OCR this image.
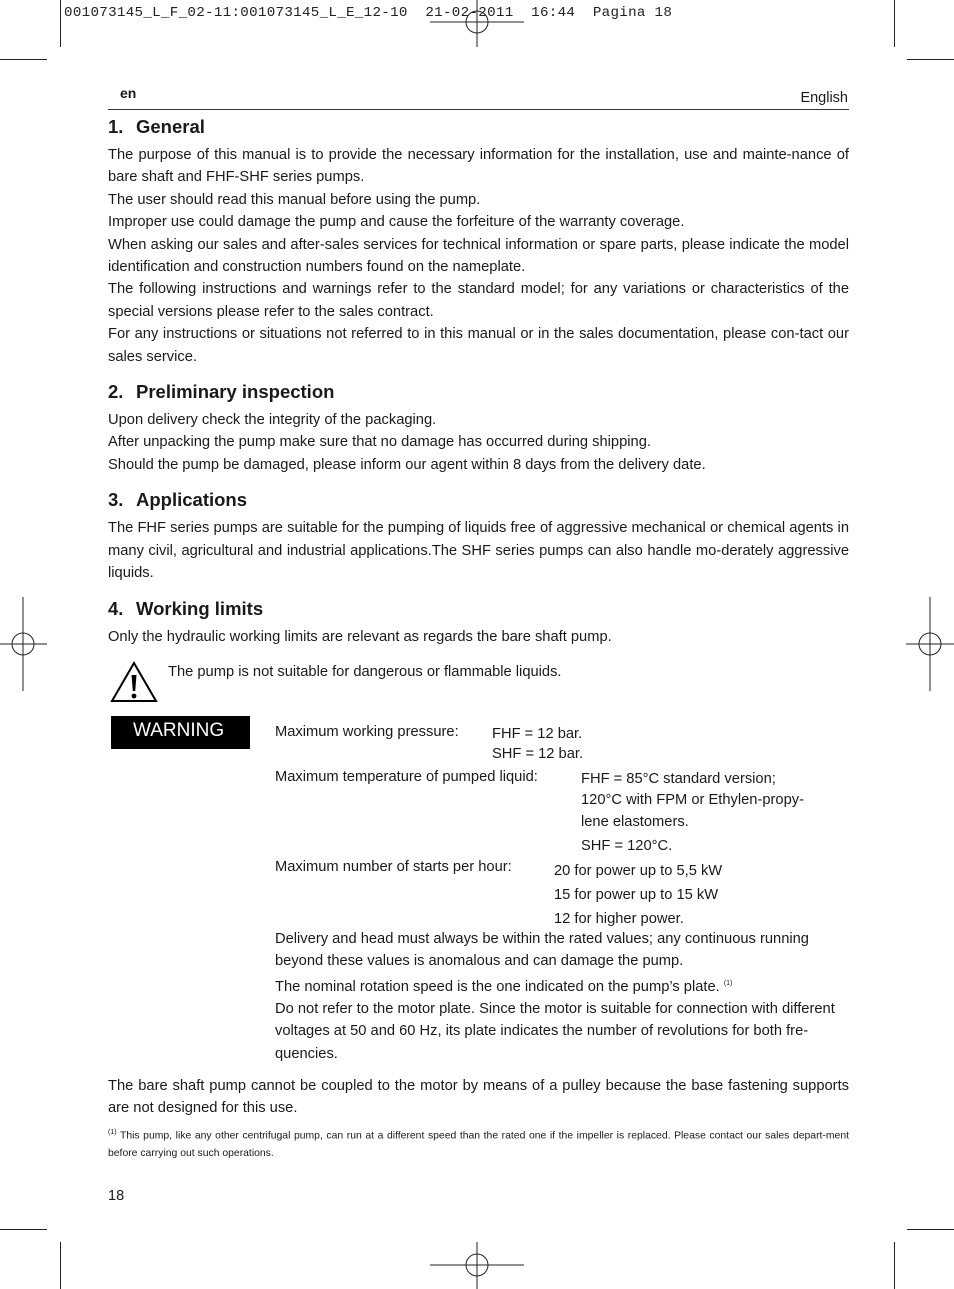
001073145_L_F_02-11:001073145_L_E_12-10  21-02-2011  16:44  Pagina 18
en	English
1. General

The purpose of this manual is to provide the necessary information for the installation, use and mainte-nance of bare shaft and FHF-SHF series pumps.

The user should read this manual before using the pump.

Improper use could damage the pump and cause the forfeiture of the warranty coverage.

When asking our sales and after-sales services for technical information or spare parts, please indicate the model identification and construction numbers found on the nameplate.

The following instructions and warnings refer to the standard model; for any variations or characteristics of the special versions please refer to the sales contract.

For any instructions or situations not referred to in this manual or in the sales documentation, please con-tact our sales service.

2. Preliminary inspection

Upon delivery check the integrity of the packaging.

After unpacking the pump make sure that no damage has occurred during shipping.

Should the pump be damaged, please inform our agent within 8 days from the delivery date.

3. Applications

The FHF series pumps are suitable for the pumping of liquids free of aggressive mechanical or chemical agents in many civil, agricultural and industrial applications.The SHF series pumps can also handle mo-derately aggressive liquids.

4. Working limits

Only the hydraulic working limits are relevant as regards the bare shaft pump.

The pump is not suitable for dangerous or flammable liquids.
WARNING	Maximum working pressure: FHF = 12 bar.
SHF = 12 bar.
Maximum temperature of pumped liquid:	FHF = 85°C standard version;
120°C with FPM or Ethylen-propy-
lene elastomers.
SHF = 120°C.
Maximum number of starts per hour:	20 for power up to 5,5 kW
15 for power up to 15 kW
12 for higher power.

Delivery and head must always be within the rated values; any continuous running beyond these values is anomalous and can damage the pump.

The nominal rotation speed is the one indicated on the pump’s plate. $^{(1)}$

Do not refer to the motor plate. Since the motor is suitable for connection with different voltages at 50 and 60 Hz, its plate indicates the number of revolutions for both fre-quencies.

The bare shaft pump cannot be coupled to the motor by means of a pulley because the base fastening supports are not designed for this use.

$^{(1)}$ This pump, like any other centrifugal pump, can run at a different speed than the rated one if the impeller is replaced. Please contact our sales depart-ment before carrying out such operations.
18
